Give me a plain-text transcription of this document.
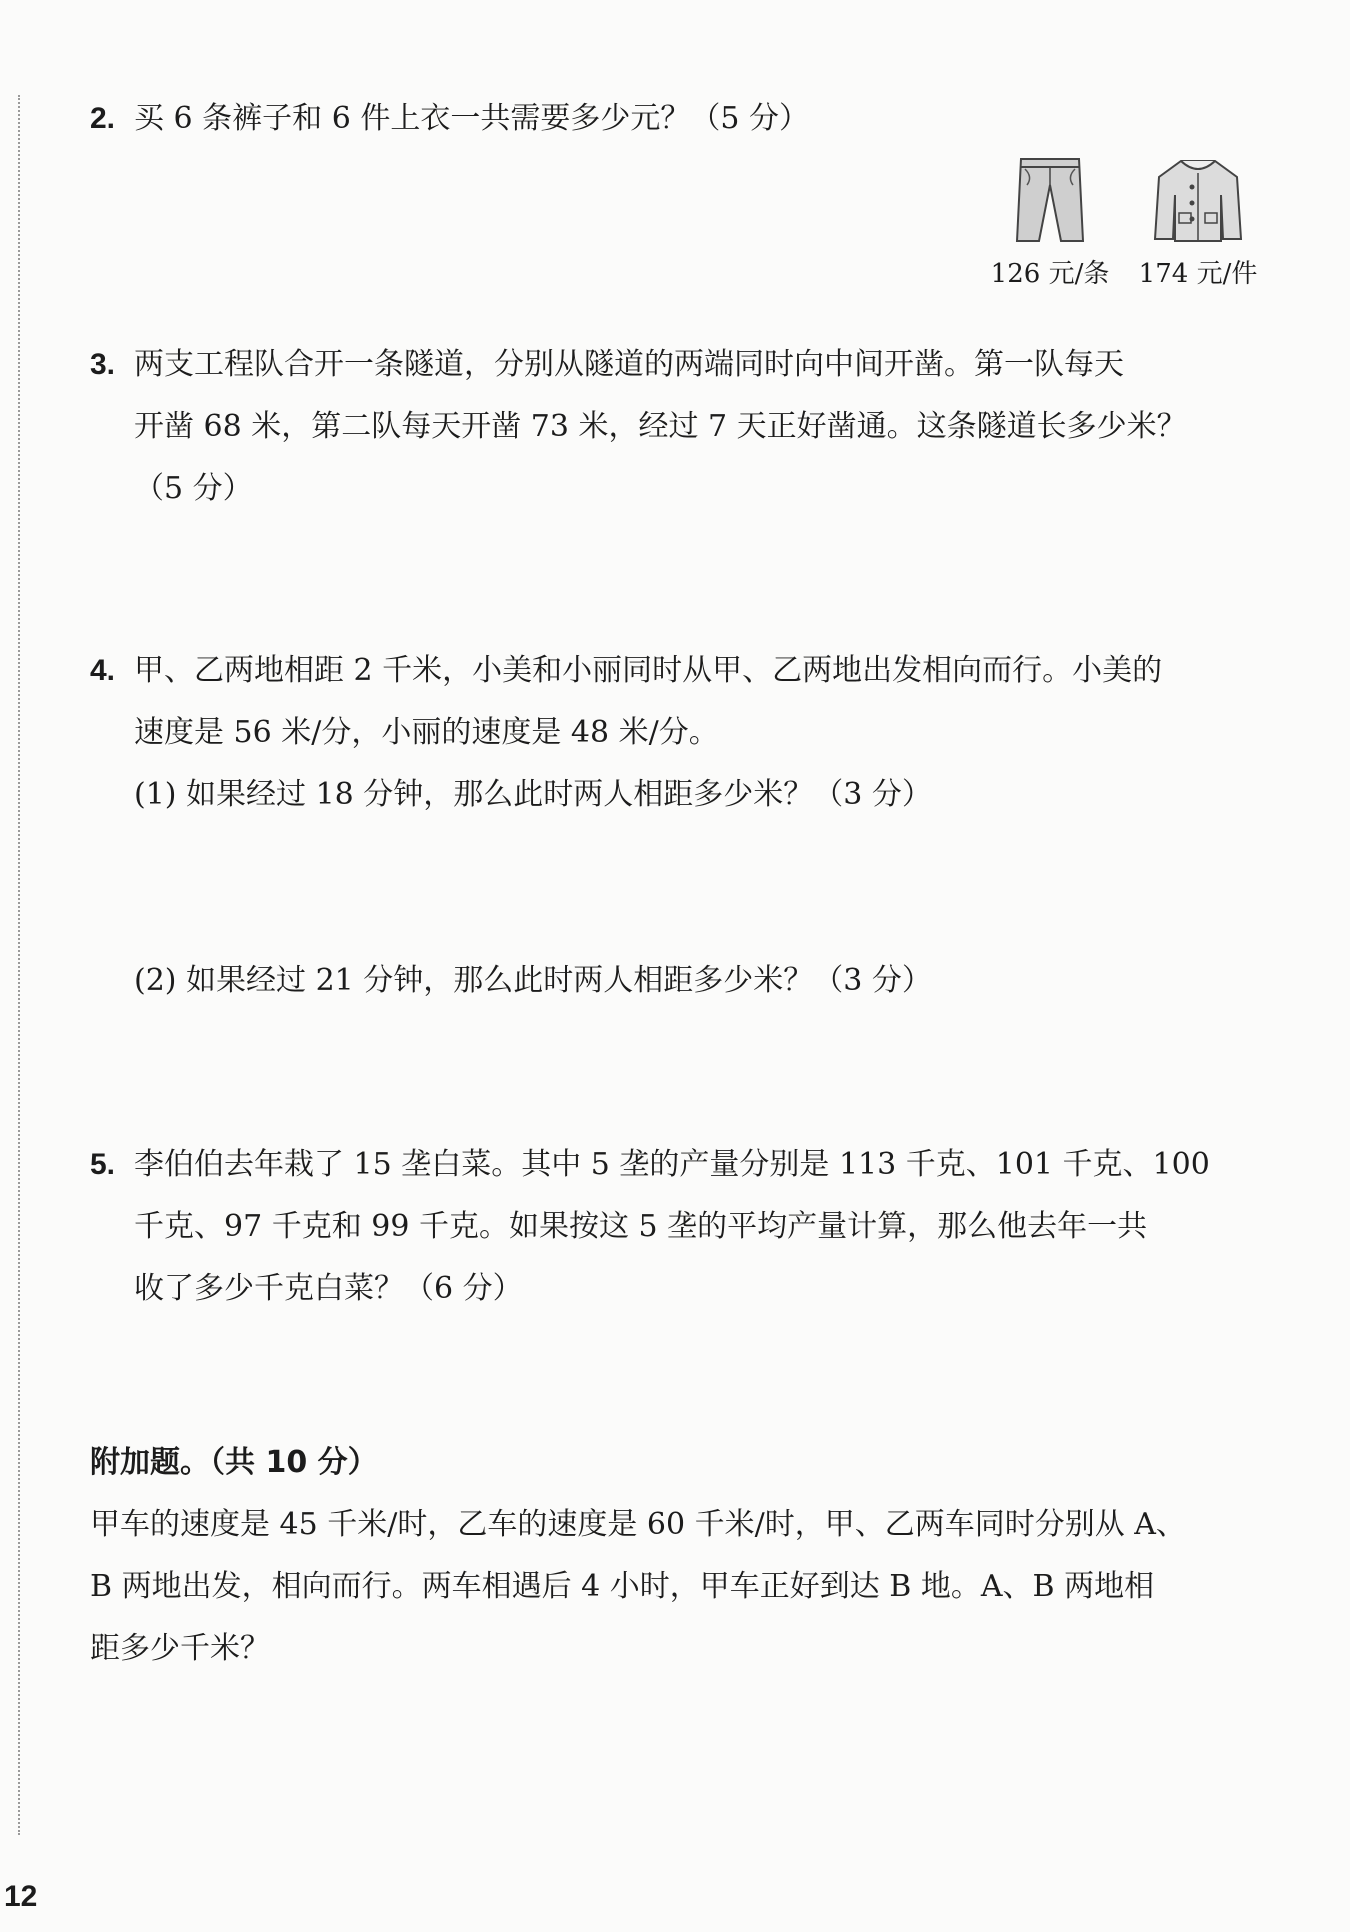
2. 买 6 条裤子和 6 件上衣一共需要多少元？（5 分）
126 元/条	174 元/件
3. 两支工程队合开一条隧道，分别从隧道的两端同时向中间开凿。第一队每天
开凿 68 米，第二队每天开凿 73 米，经过 7 天正好凿通。这条隧道长多少米？
（5 分）
4. 甲、乙两地相距 2 千米，小美和小丽同时从甲、乙两地出发相向而行。小美的
速度是 56 米/分，小丽的速度是 48 米/分。
(1) 如果经过 18 分钟，那么此时两人相距多少米？（3 分）
(2) 如果经过 21 分钟，那么此时两人相距多少米？（3 分）
5. 李伯伯去年栽了 15 垄白菜。其中 5 垄的产量分别是 113 千克、101 千克、100
千克、97 千克和 99 千克。如果按这 5 垄的平均产量计算，那么他去年一共
收了多少千克白菜？（6 分）
附加题。（共 10 分）
甲车的速度是 45 千米/时，乙车的速度是 60 千米/时，甲、乙两车同时分别从 A、
B 两地出发，相向而行。两车相遇后 4 小时，甲车正好到达 B 地。A、B 两地相
距多少千米？
12
